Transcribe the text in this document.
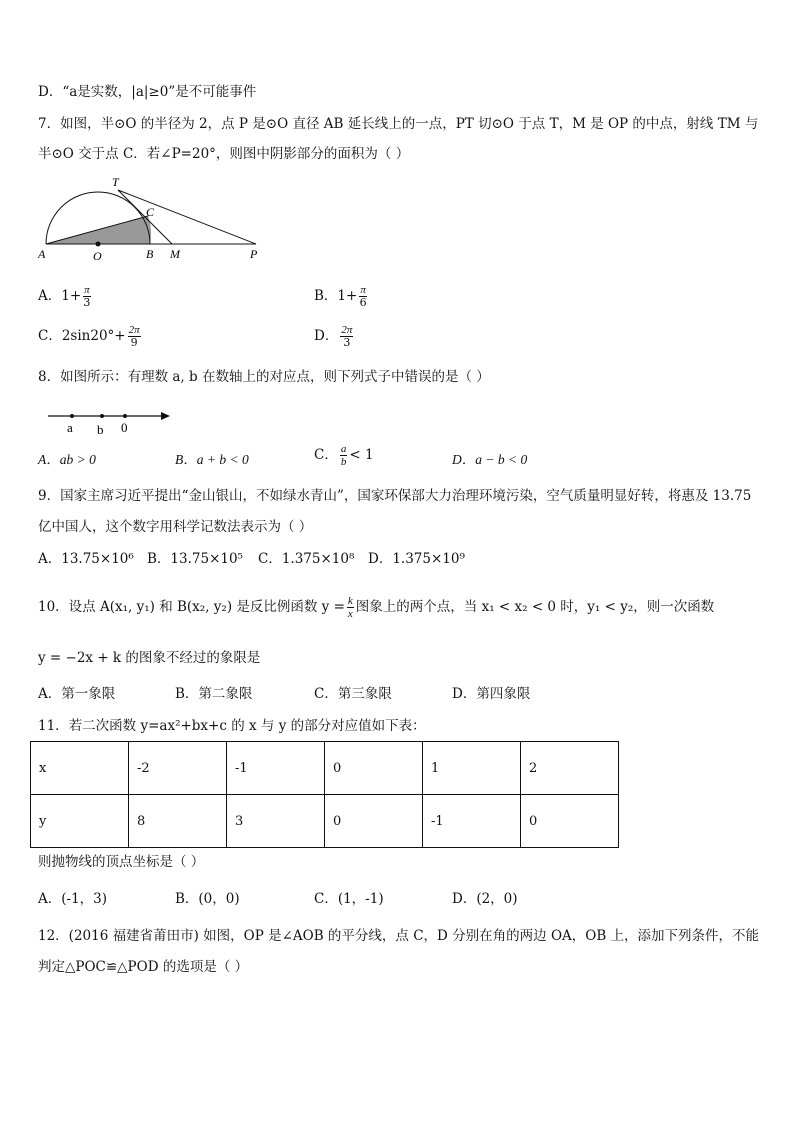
D．“a是实数，|a|≥0”是不可能事件
7．如图，半⊙O 的半径为 2，点 P 是⊙O 直径 AB 延长线上的一点，PT 切⊙O 于点 T，M 是 OP 的中点，射线 TM 与
半⊙O 交于点 C．若∠P=20°，则图中阴影部分的面积为（ ）
T
C
A	O	B M	P
A．$1+ \frac{\pi}{3}$	B．$1+ \frac{\pi}{6}$
C．$2\sin 20^\circ+ \frac{2\pi}{9}$	D． $\frac{2\pi}{3}$
8．如图所示：有理数 a, b 在数轴上的对应点，则下列式子中错误的是（ ）
a b 0
A．ab > 0	B．a + b < 0	C． $\frac{a}{b} < 1$	D．a − b < 0
9．国家主席习近平提出“金山银山，不如绿水青山”，国家环保部大力治理环境污染，空气质量明显好转，将惠及 13.75
亿中国人，这个数字用科学记数法表示为（ ）
A．13.75×10⁶ B．13.75×10⁵ C．1.375×10⁸ D．1.375×10⁹
10．设点 A(x₁, y₁) 和 B(x₂, y₂) 是反比例函数 $y = \frac{k}{x}$ 图象上的两个点，当 x₁ < x₂ < 0 时，y₁ < y₂，则一次函数
y = −2x + k 的图象不经过的象限是
A．第一象限	B．第二象限	C．第三象限	D．第四象限
11．若二次函数 y=ax²+bx+c 的 x 与 y 的部分对应值如下表：
x	-2	-1	0	1	2
y	8	3	0	-1	0
则抛物线的顶点坐标是（ ）
A．(-1，3)	B．(0，0)	C．(1，-1)	D．(2，0)
12．(2016 福建省莆田市) 如图，OP 是∠AOB 的平分线，点 C，D 分别在角的两边 OA，OB 上，添加下列条件，不能
判定△POC≌△POD 的选项是（ ）
